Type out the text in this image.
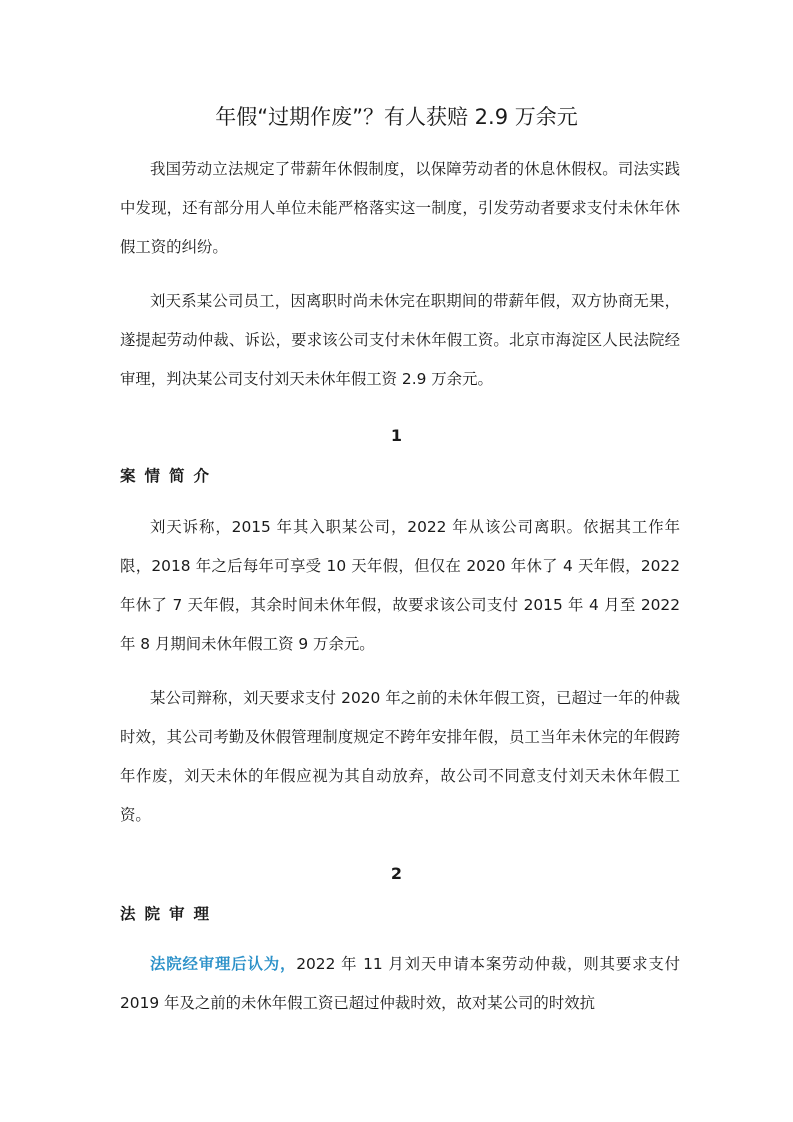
年假“过期作废”？有人获赔 2.9 万余元

我国劳动立法规定了带薪年休假制度，以保障劳动者的休息休假权。司法实践中发现，还有部分用人单位未能严格落实这一制度，引发劳动者要求支付未休年休假工资的纠纷。

刘天系某公司员工，因离职时尚未休完在职期间的带薪年假，双方协商无果，遂提起劳动仲裁、诉讼，要求该公司支付未休年假工资。北京市海淀区人民法院经审理，判决某公司支付刘天未休年假工资 2.9 万余元。

1

案情简介

刘天诉称，2015 年其入职某公司，2022 年从该公司离职。依据其工作年限，2018 年之后每年可享受 10 天年假，但仅在 2020 年休了 4 天年假，2022 年休了 7 天年假，其余时间未休年假，故要求该公司支付 2015 年 4 月至 2022 年 8 月期间未休年假工资 9 万余元。

某公司辩称，刘天要求支付 2020 年之前的未休年假工资，已超过一年的仲裁时效，其公司考勤及休假管理制度规定不跨年安排年假，员工当年未休完的年假跨年作废，刘天未休的年假应视为其自动放弃，故公司不同意支付刘天未休年假工资。

2

法院审理

法院经审理后认为，2022 年 11 月刘天申请本案劳动仲裁，则其要求支付 2019 年及之前的未休年假工资已超过仲裁时效，故对某公司的时效抗
